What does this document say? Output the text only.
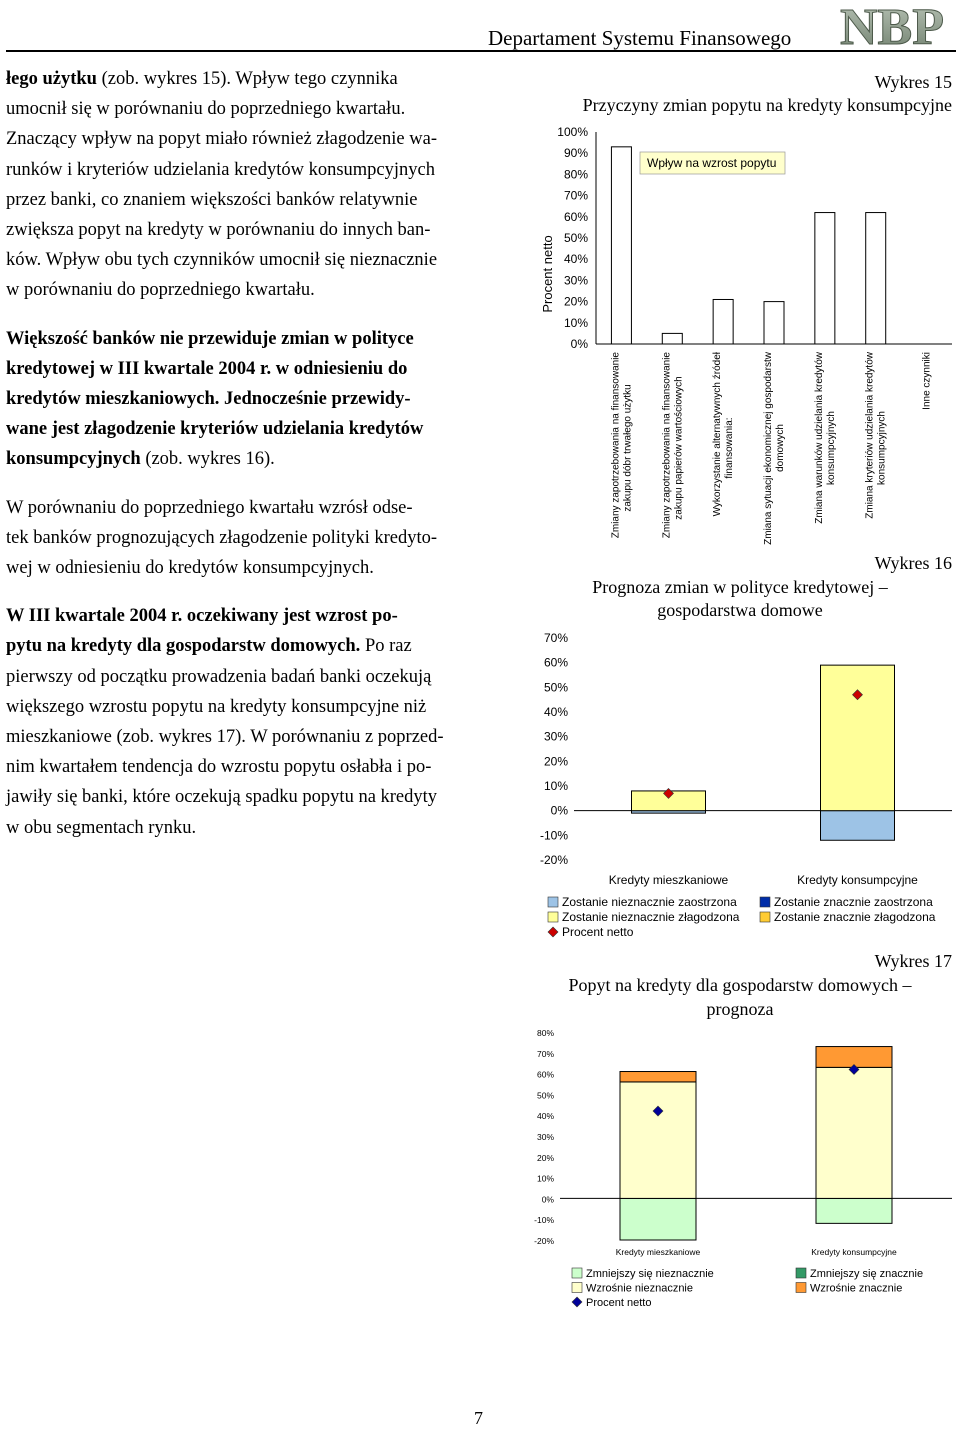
Departament Systemu Finansowego NBP

łego użytku (zob. wykres 15). Wpływ tego czynnika
umocnił się w porównaniu do poprzedniego kwartału.
Znaczący wpływ na popyt miało również złagodzenie wa-
runków i kryteriów udzielania kredytów konsumpcyjnych
przez banki, co znaniem większości banków relatywnie
zwiększa popyt na kredyty w porównaniu do innych ban-
ków. Wpływ obu tych czynników umocnił się nieznacznie
w porównaniu do poprzedniego kwartału.

Większość banków nie przewiduje zmian w polityce
kredytowej w III kwartale 2004 r. w odniesieniu do
kredytów mieszkaniowych. Jednocześnie przewidy-
wane jest złagodzenie kryteriów udzielania kredytów
konsumpcyjnych (zob. wykres 16).

W porównaniu do poprzedniego kwartału wzrósł odse-
tek banków prognozujących złagodzenie polityki kredyto-
wej w odniesieniu do kredytów konsumpcyjnych.

W III kwartale 2004 r. oczekiwany jest wzrost po-
pytu na kredyty dla gospodarstw domowych. Po raz
pierwszy od początku prowadzenia badań banki oczekują
większego wzrostu popytu na kredyty konsumpcyjne niż
mieszkaniowe (zob. wykres 17). W porównaniu z poprzed-
nim kwartałem tendencja do wzrostu popytu osłabła i po-
jawiły się banki, które oczekują spadku popytu na kredyty
w obu segmentach rynku.

Wykres 15
Przyczyny zmian popytu na kredyty konsumpcyjne
Procent netto
0%
10%
20%
30%
40%
50%
60%
70%
80%
90%
100%
Zmiany zapotrzebowania na finansowaniezakupu dóbr trwałego użytku	Zmiany zapotrzebowania na finansowaniezakupu papierów wartościowych	Wykorzystanie alternatywnych źródełfinansowania:	Zmiana sytuacji ekonomicznej gospodarstwdomowych	Zmiana warunków udzielania kredytówkonsumpcyjnych	Zmiana kryteriów udzielania kredytówkonsumpcyjnych
Inne czynniki
Wpływ na wzrost popytu
Wykres 16
Prognoza zmian w polityce kredytowej –
gospodarstwa domowe
-20%
-10%
0%
10%
20%
30%
40%
50%
60%
70%
Kredyty mieszkaniowe	Kredyty konsumpcyjne
Zostanie nieznacznie zaostrzona
Zostanie nieznacznie złagodzona
Procent netto
Zostanie znacznie zaostrzona
Zostanie znacznie złagodzona
Wykres 17
Popyt na kredyty dla gospodarstw domowych –
prognoza
-20%
-10%
0%
10%
20%
30%
40%
50%
60%
70%
80%
Kredyty mieszkaniowe	Kredyty konsumpcyjne
Zmniejszy się nieznacznie
Wzrośnie nieznacznie
Procent netto
Zmniejszy się znacznie
Wzrośnie znacznie
7
